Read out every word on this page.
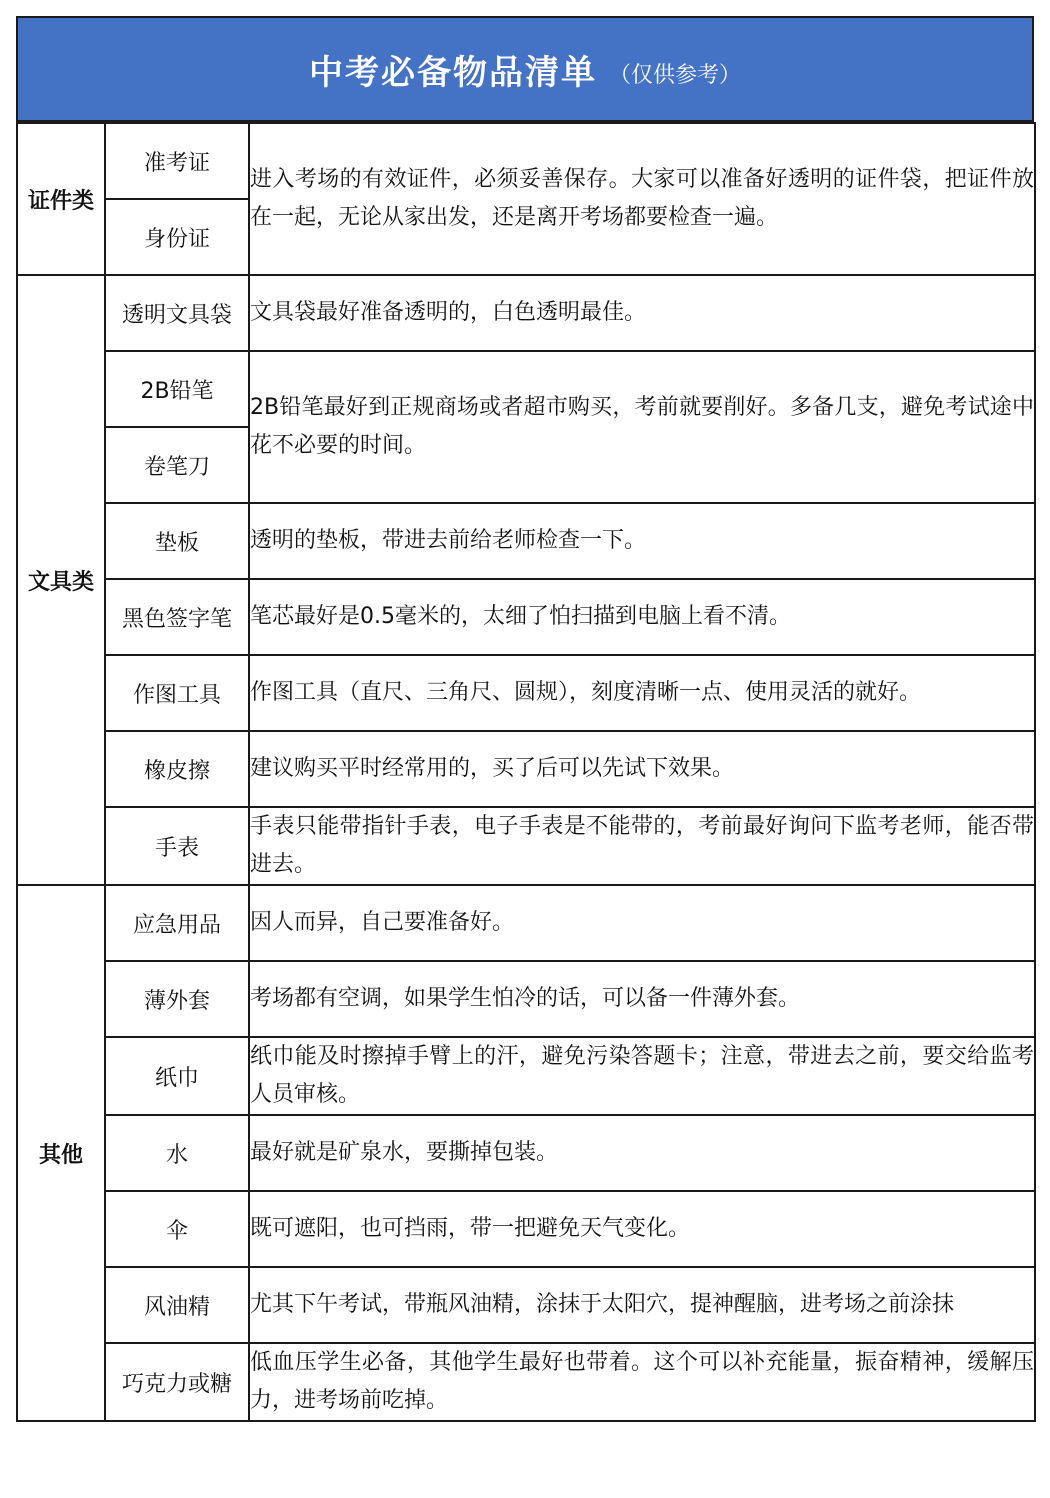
中考必备物品清单 （仅供参考）
证件类	准考证	进入考场的有效证件，必须妥善保存。大家可以准备好透明的证件袋，把证件放在一起，无论从家出发，还是离开考场都要检查一遍。
	身份证	
文具类	透明文具袋	文具袋最好准备透明的，白色透明最佳。
	2B铅笔	2B铅笔最好到正规商场或者超市购买，考前就要削好。多备几支，避免考试途中花不必要的时间。
	卷笔刀	
	垫板	透明的垫板，带进去前给老师检查一下。
	黑色签字笔	笔芯最好是0.5毫米的，太细了怕扫描到电脑上看不清。
	作图工具	作图工具（直尺、三角尺、圆规），刻度清晰一点、使用灵活的就好。
	橡皮擦	建议购买平时经常用的，买了后可以先试下效果。
	手表	手表只能带指针手表，电子手表是不能带的，考前最好询问下监考老师，能否带进去。
其他	应急用品	因人而异，自己要准备好。
	薄外套	考场都有空调，如果学生怕冷的话，可以备一件薄外套。
	纸巾	纸巾能及时擦掉手臂上的汗，避免污染答题卡；注意，带进去之前，要交给监考人员审核。
	水	最好就是矿泉水，要撕掉包装。
	伞	既可遮阳，也可挡雨，带一把避免天气变化。
	风油精	尤其下午考试，带瓶风油精，涂抹于太阳穴，提神醒脑，进考场之前涂抹
	巧克力或糖	低血压学生必备，其他学生最好也带着。这个可以补充能量，振奋精神，缓解压力，进考场前吃掉。
